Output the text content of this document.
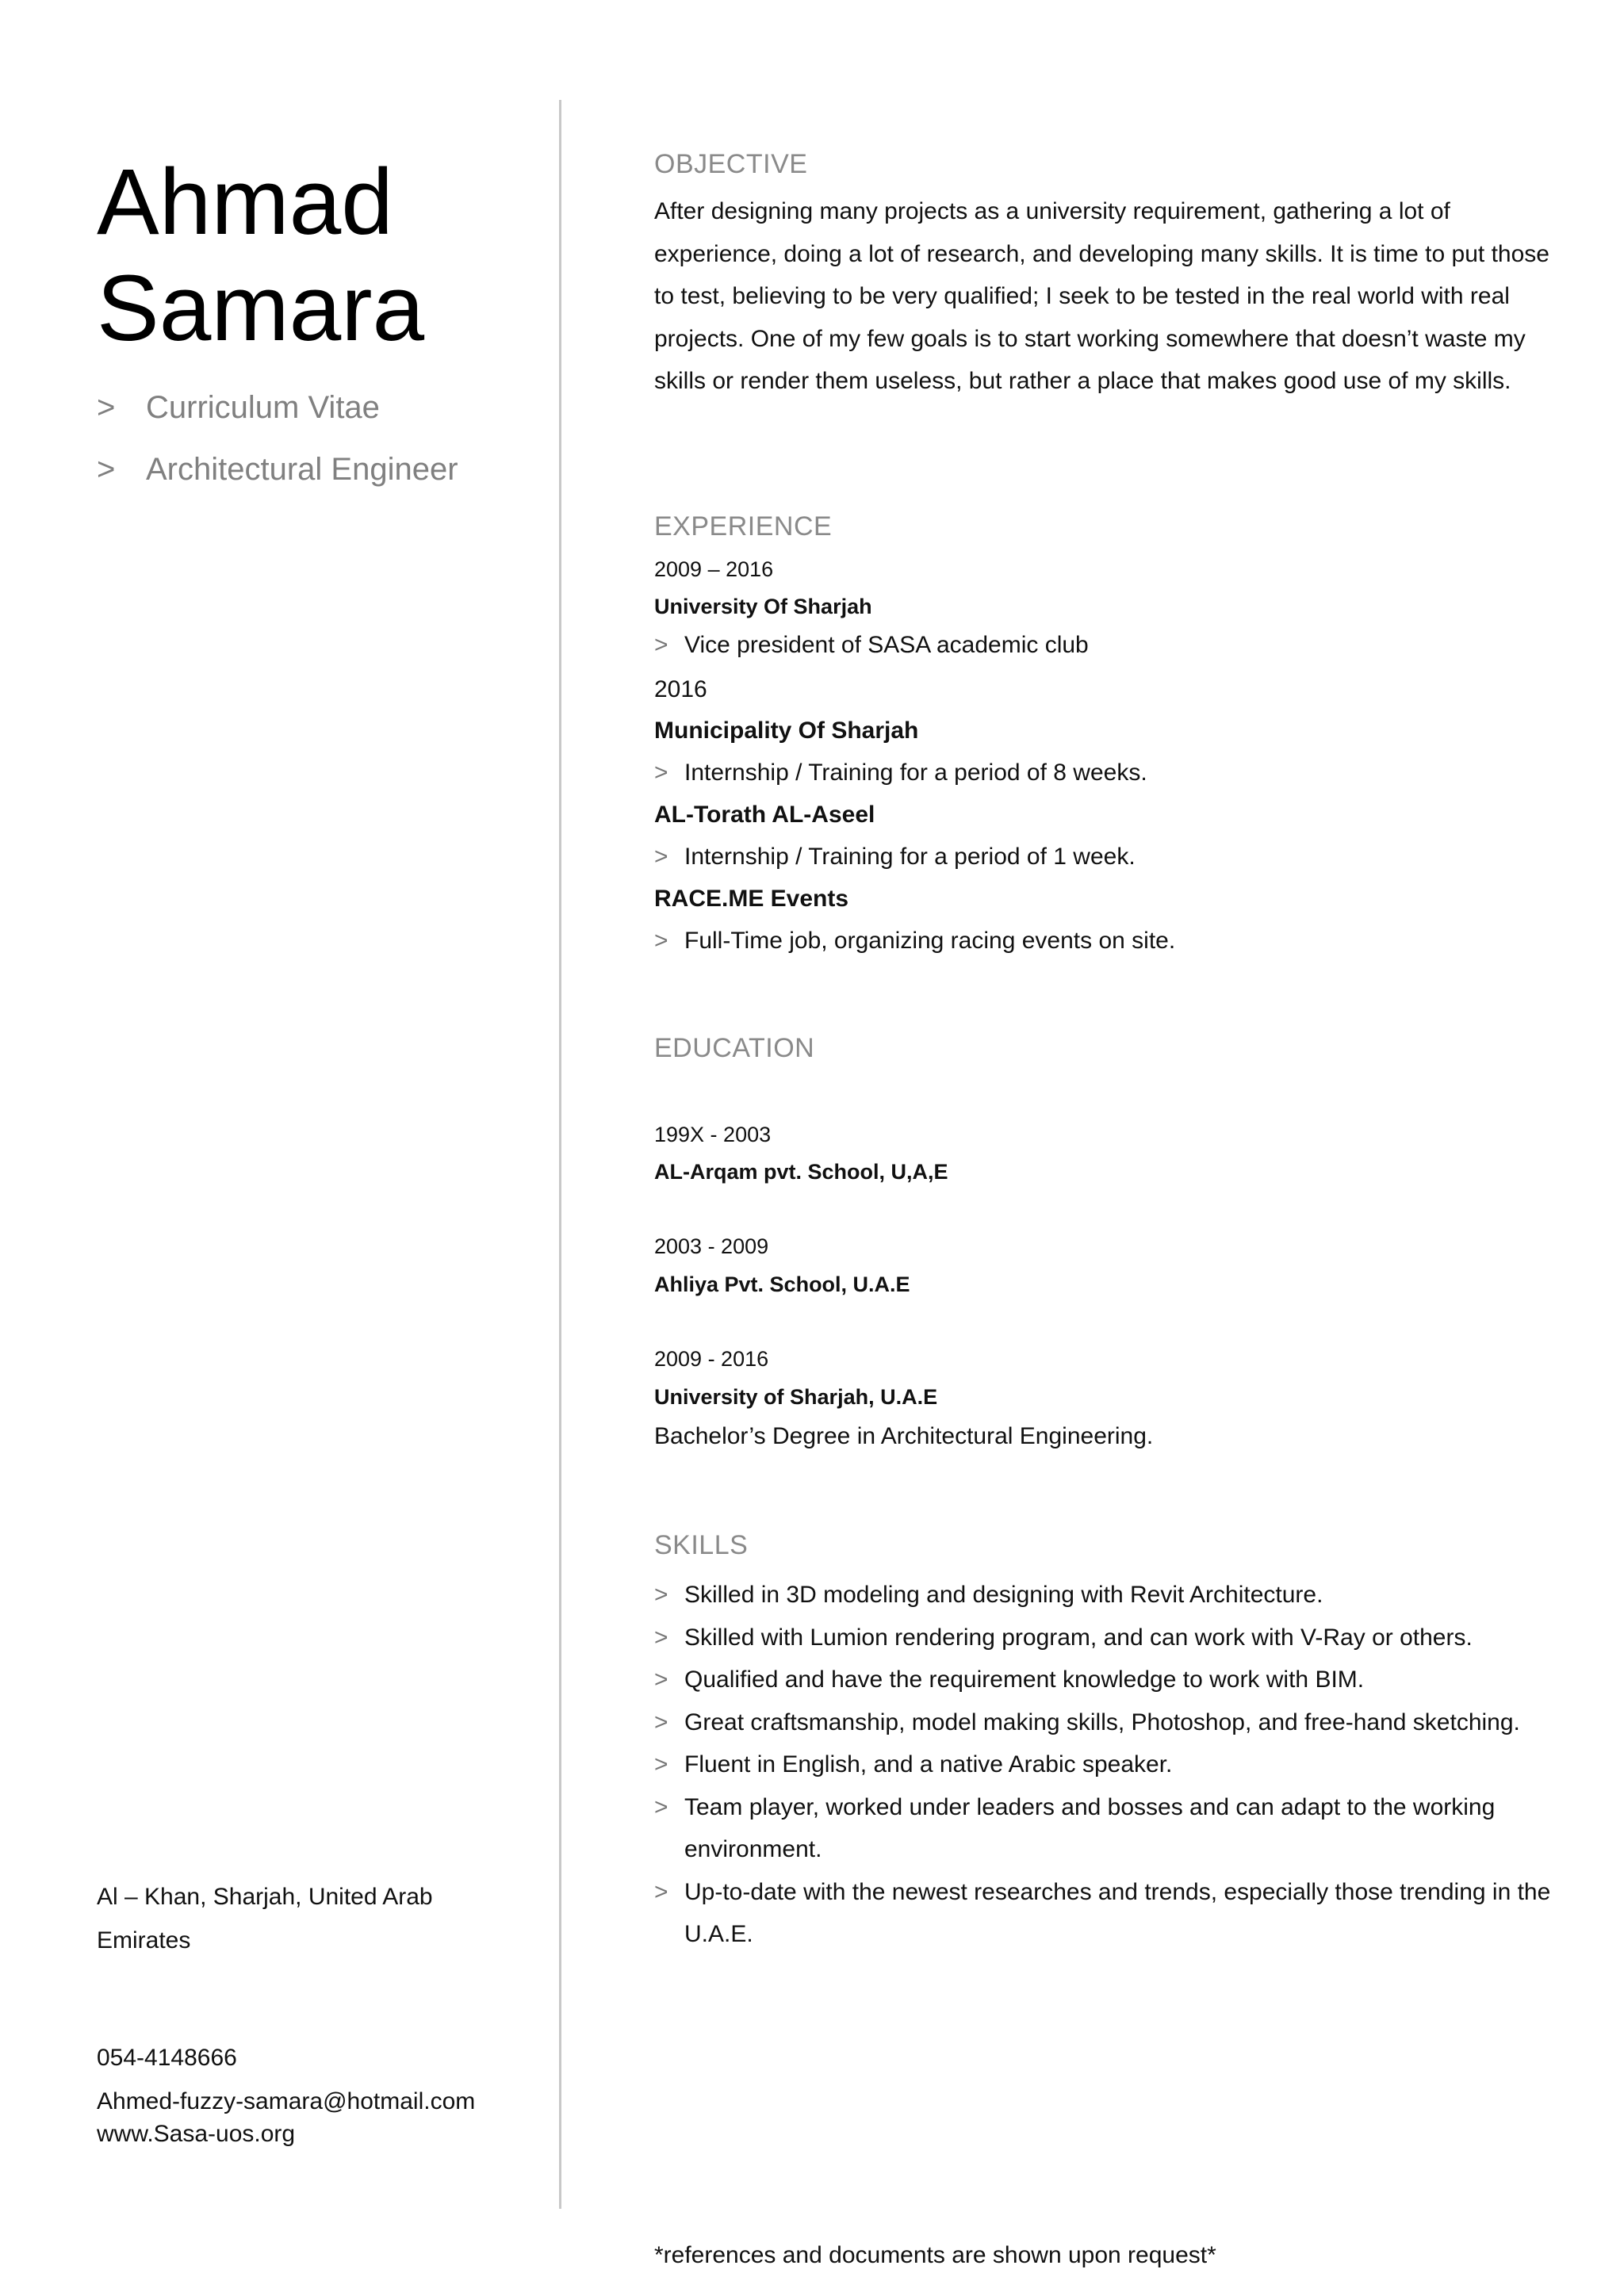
Ahmad
Samara
> Curriculum Vitae
> Architectural Engineer
Al – Khan, Sharjah, United Arab Emirates
054-4148666
Ahmed-fuzzy-samara@hotmail.com
www.Sasa-uos.org
OBJECTIVE
After designing many projects as a university requirement, gathering a lot of experience, doing a lot of research, and developing many skills. It is time to put those to test, believing to be very qualified; I seek to be tested in the real world with real projects. One of my few goals is to start working somewhere that doesn’t waste my skills or render them useless, but rather a place that makes good use of my skills.
EXPERIENCE
2009 – 2016
University Of Sharjah
> Vice president of SASA academic club
2016
Municipality Of Sharjah
> Internship / Training for a period of 8 weeks.
AL-Torath AL-Aseel
> Internship / Training for a period of 1 week.
RACE.ME Events
> Full-Time job, organizing racing events on site.
EDUCATION
199X - 2003
AL-Arqam pvt. School, U,A,E
2003 - 2009
Ahliya Pvt. School, U.A.E
2009 - 2016
University of Sharjah, U.A.E
Bachelor’s Degree in Architectural Engineering.
SKILLS
> Skilled in 3D modeling and designing with Revit Architecture.
> Skilled with Lumion rendering program, and can work with V-Ray or others.
> Qualified and have the requirement knowledge to work with BIM.
> Great craftsmanship, model making skills, Photoshop, and free-hand sketching.
> Fluent in English, and a native Arabic speaker.
> Team player, worked under leaders and bosses and can adapt to the working environment.
> Up-to-date with the newest researches and trends, especially those trending in the U.A.E.
*references and documents are shown upon request*
